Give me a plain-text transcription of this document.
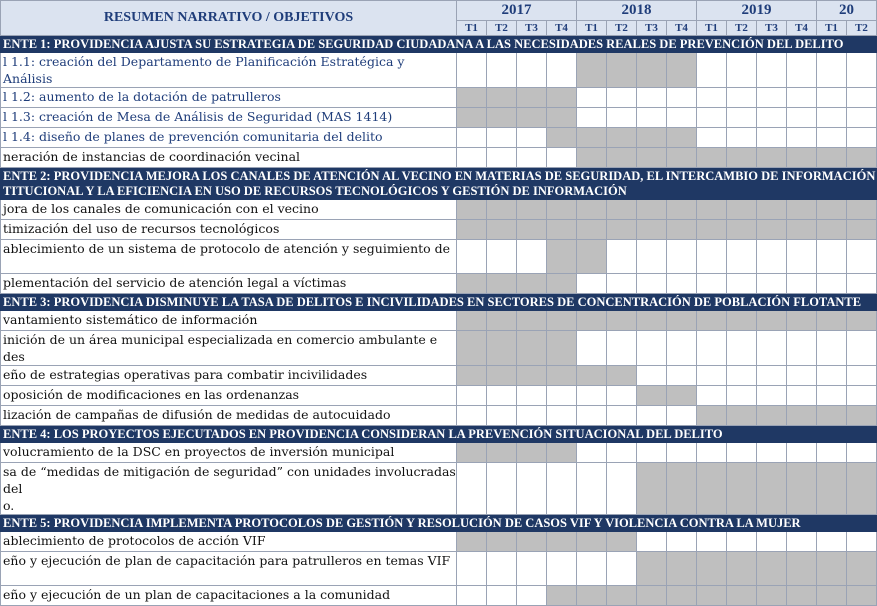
RESUMEN NARRATIVO / OBJETIVOS	2017				2018				2019				20	
	T1	T2	T3	T4	T1	T2	T3	T4	T1	T2	T3	T4	T1	T2
ENTE 1: PROVIDENCIA AJUSTA SU ESTRATEGIA DE SEGURIDAD CIUDADANA A LAS NECESIDADES REALES DE PREVENCIÓN DEL DELITO														
l 1.1: creación del Departamento de Planificación Estratégica y Análisis														
l 1.2: aumento de la dotación de patrulleros														
l 1.3: creación de Mesa de Análisis de Seguridad (MAS 1414)														
l 1.4: diseño de planes de prevención comunitaria del delito														
neración de instancias de coordinación vecinal														
ENTE 2: PROVIDENCIA MEJORA LOS CANALES DE ATENCIÓN AL VECINO EN MATERIAS DE SEGURIDAD, EL INTERCAMBIO DE INFORMACIÓN TITUCIONAL Y LA EFICIENCIA EN USO DE RECURSOS TECNOLÓGICOS Y GESTIÓN DE INFORMACIÓN														
jora de los canales de comunicación con el vecino														
timización del uso de recursos tecnológicos														
ablecimiento de un sistema de protocolo de atención y seguimiento de														
plementación del servicio de atención legal a víctimas														
ENTE 3: PROVIDENCIA DISMINUYE LA TASA DE DELITOS E INCIVILIDADES EN SECTORES DE CONCENTRACIÓN DE POBLACIÓN FLOTANTE														
vantamiento sistemático de información														
inición de un área municipal especializada en comercio ambulante e
des														
eño de estrategias operativas para combatir incivilidades														
oposición de modificaciones en las ordenanzas														
lización de campañas de difusión de medidas de autocuidado														
ENTE 4: LOS PROYECTOS EJECUTADOS EN PROVIDENCIA CONSIDERAN LA PREVENCIÓN SITUACIONAL DEL DELITO														
volucramiento de la DSC en proyectos de inversión municipal														
sa de “medidas de mitigación de seguridad” con unidades involucradas del
o.														
ENTE 5: PROVIDENCIA IMPLEMENTA PROTOCOLOS DE GESTIÓN Y RESOLUCIÓN DE CASOS VIF Y VIOLENCIA CONTRA LA MUJER														
ablecimiento de protocolos de acción VIF														
eño y ejecución de plan de capacitación para patrulleros en temas VIF														
eño y ejecución de un plan de capacitaciones a la comunidad														
